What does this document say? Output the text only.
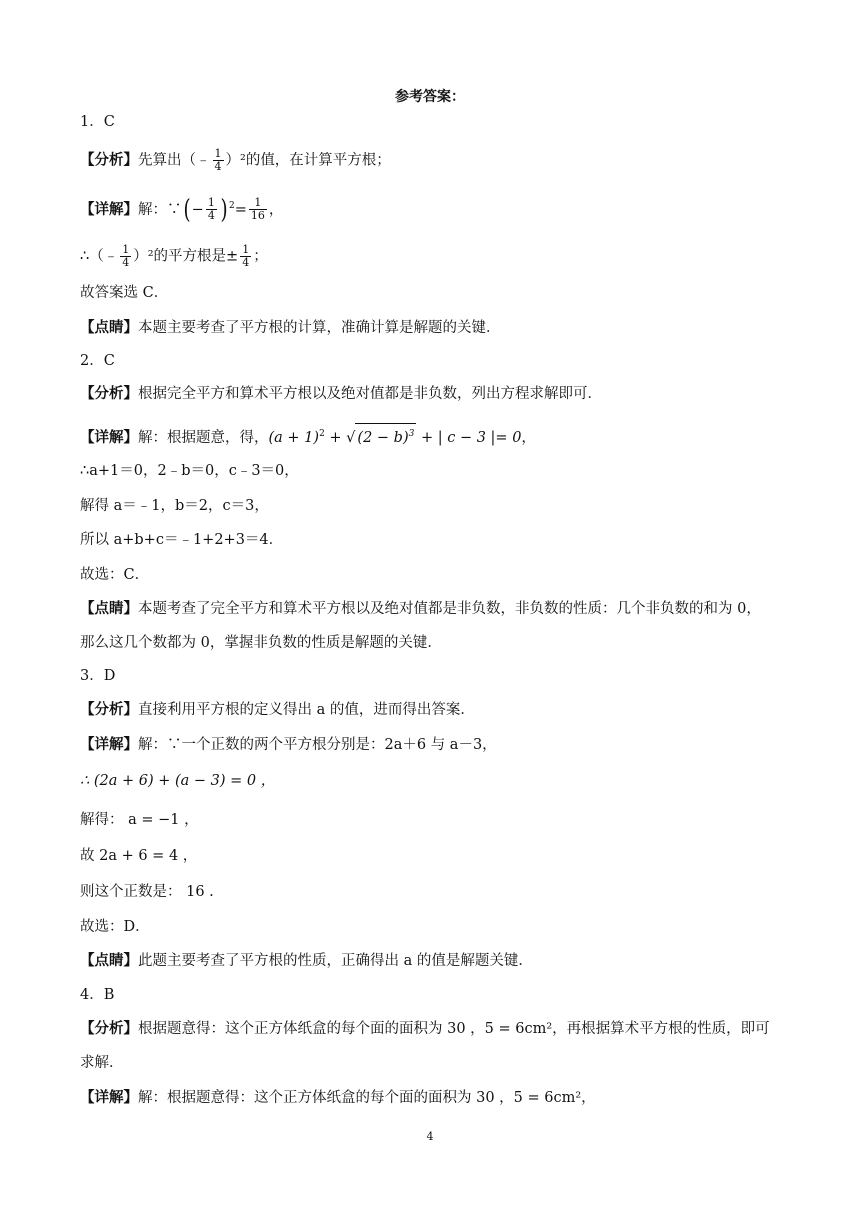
参考答案：
1．C
【分析】先算出（﹣ $\frac{1}{4} )^2$的值，在计算平方根；
【详解】解：∵( − $\frac{1}{4}$ ) $^2= \frac{1}{16}$ ，
∴（﹣ $\frac{1}{4} )^2$的平方根是± $\frac{1}{4}$ ；
故答案选 C．
【点睛】本题主要考查了平方根的计算，准确计算是解题的关键．
2．C
【分析】根据完全平方和算术平方根以及绝对值都是非负数，列出方程求解即可．
【详解】解：根据题意，得，$(a + 1)^2$ + √ $(2 - b)^3$ + | c − 3 |= 0，
∴a+1＝0，2﹣b＝0，c﹣3＝0，
解得 a＝﹣1，b＝2，c＝3，
所以 a+b+c＝﹣1+2+3＝4．
故选：C．
【点睛】本题考查了完全平方和算术平方根以及绝对值都是非负数，非负数的性质：几个非负数的和为 0，
那么这几个数都为 0，掌握非负数的性质是解题的关键．
3．D
【分析】直接利用平方根的定义得出 a 的值，进而得出答案．
【详解】解：∵一个正数的两个平方根分别是：2a＋6 与 a－3，
∴ (2a + 6) + (a − 3) = 0 ，
解得： a = −1 ，
故 2a + 6 = 4 ，
则这个正数是： 16 .
故选：D．
【点睛】此题主要考查了平方根的性质，正确得出 a 的值是解题关键．
4．B
【分析】根据题意得：这个正方体纸盒的每个面的面积为 30 ，5 = 6cm²，再根据算术平方根的性质，即可
求解．
【详解】解：根据题意得：这个正方体纸盒的每个面的面积为 30 ，5 = 6cm²，
4
